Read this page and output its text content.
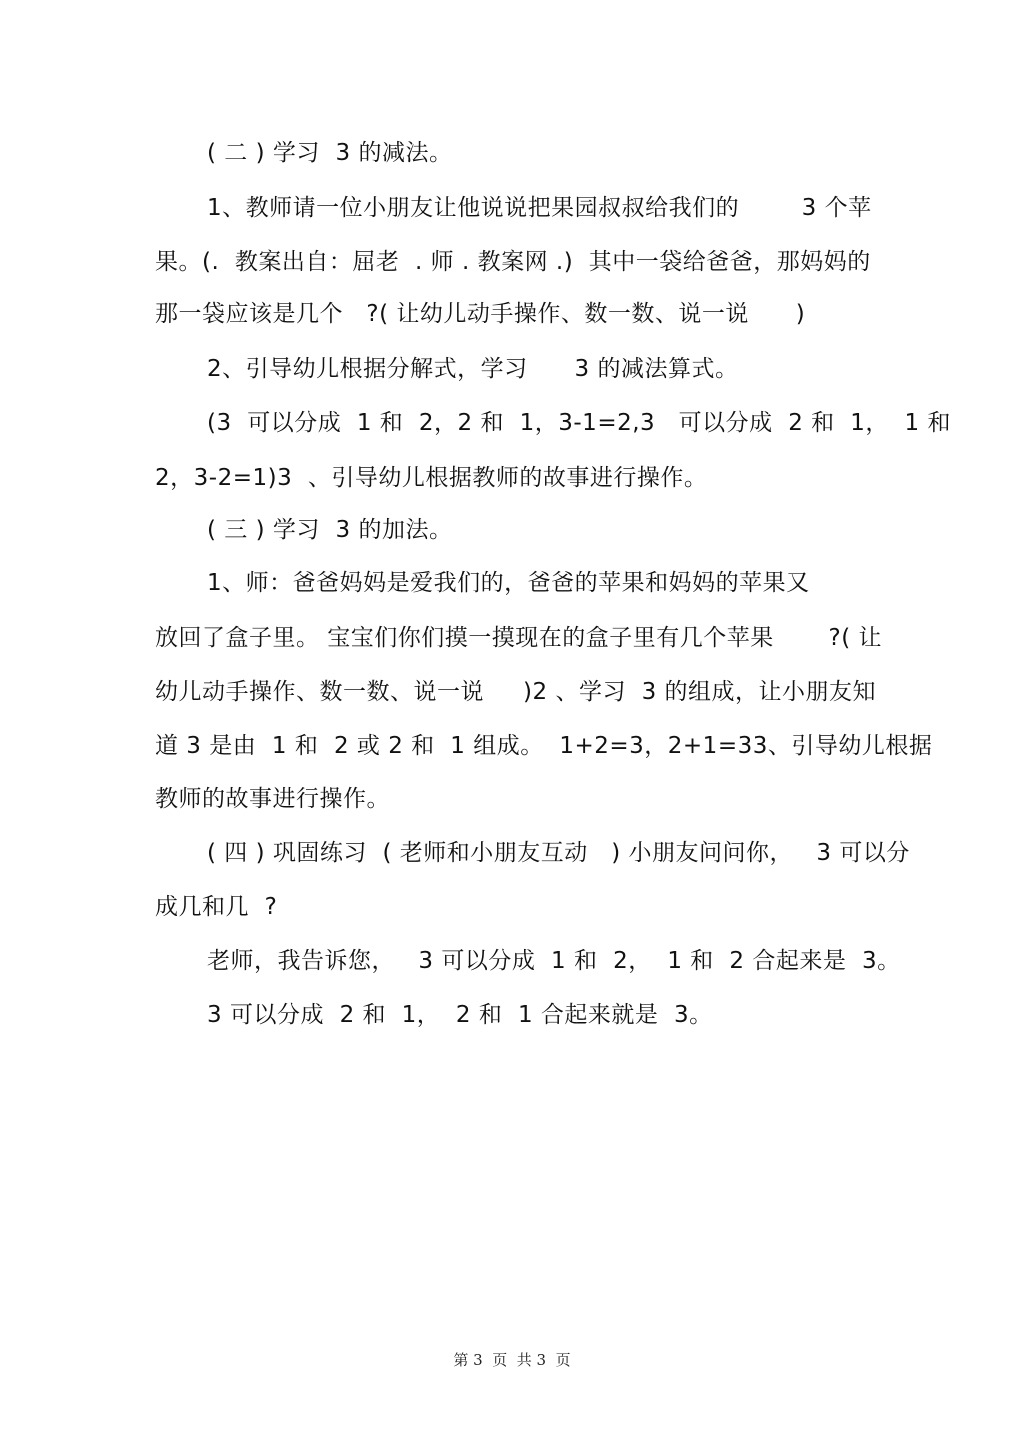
( 二 ) 学习  3 的减法。
1、教师请一位小朋友让他说说把果园叔叔给我们的        3 个苹
果。(.  教案出自：屈老  . 师 . 教案网 .)  其中一袋给爸爸，那妈妈的
那一袋应该是几个   ?( 让幼儿动手操作、数一数、说一说      )
2、引导幼儿根据分解式，学习      3 的减法算式。
(3  可以分成  1 和  2，2 和  1，3-1=2,3   可以分成  2 和  1，  1 和
2，3-2=1)3  、引导幼儿根据教师的故事进行操作。
( 三 ) 学习  3 的加法。
1、师：爸爸妈妈是爱我们的，爸爸的苹果和妈妈的苹果又
放回了盒子里。 宝宝们你们摸一摸现在的盒子里有几个苹果       ?( 让
幼儿动手操作、数一数、说一说     )2 、学习  3 的组成，让小朋友知
道 3 是由  1 和  2 或 2 和  1 组成。  1+2=3，2+1=33、引导幼儿根据
教师的故事进行操作。
( 四 ) 巩固练习  ( 老师和小朋友互动   ) 小朋友问问你，   3 可以分
成几和几  ?
老师，我告诉您，   3 可以分成  1 和  2，  1 和  2 合起来是  3。
3 可以分成  2 和  1，  2 和  1 合起来就是  3。
第 3  页  共 3  页
